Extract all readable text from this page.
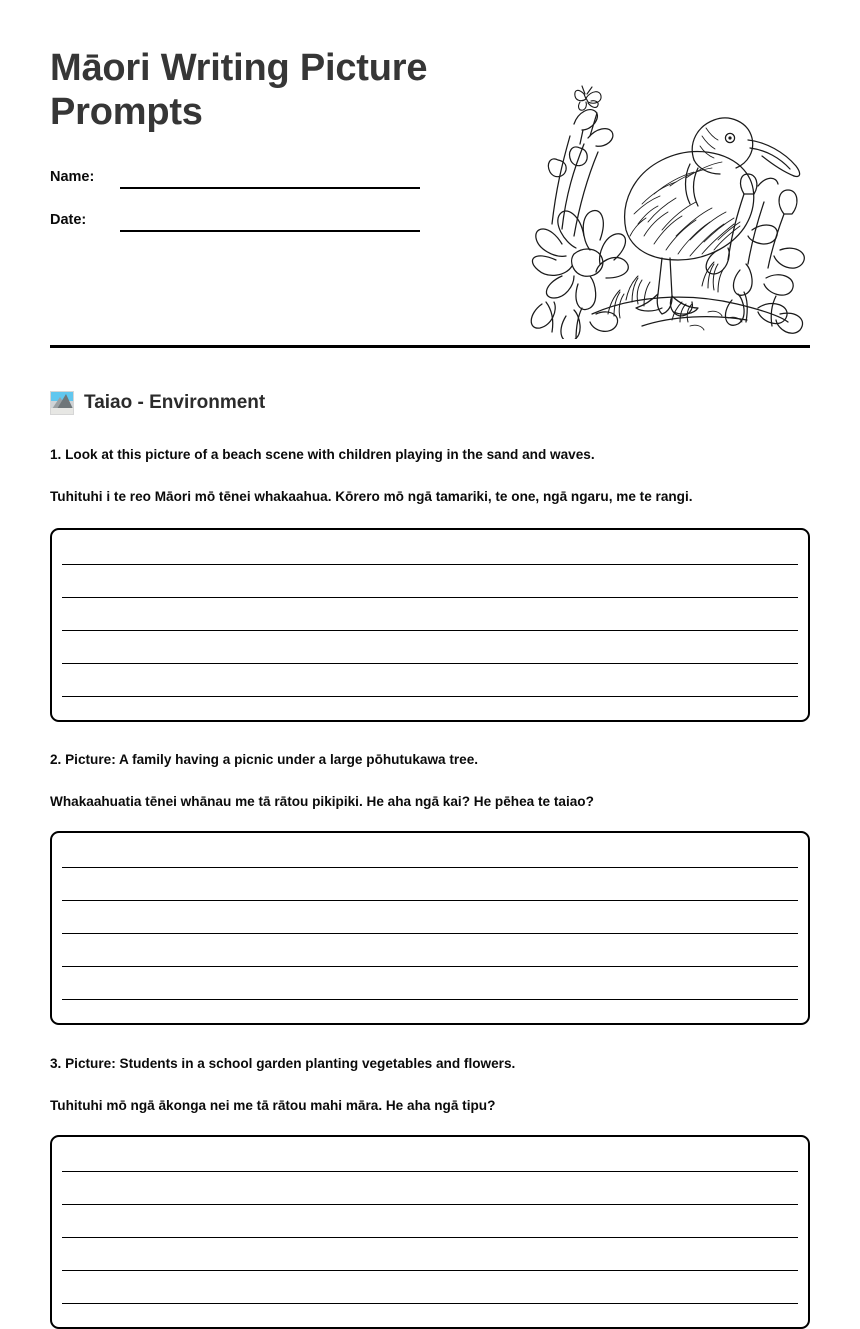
Māori Writing Picture Prompts
Name:
Date:
Taiao - Environment

1. Look at this picture of a beach scene with children playing in the sand and waves.

Tuhituhi i te reo Māori mō tēnei whakaahua. Kōrero mō ngā tamariki, te one, ngā ngaru, me te rangi.

2. Picture: A family having a picnic under a large pōhutukawa tree.

Whakaahuatia tēnei whānau me tā rātou pikipiki. He aha ngā kai? He pēhea te taiao?

3. Picture: Students in a school garden planting vegetables and flowers.

Tuhituhi mō ngā ākonga nei me tā rātou mahi māra. He aha ngā tipu?
